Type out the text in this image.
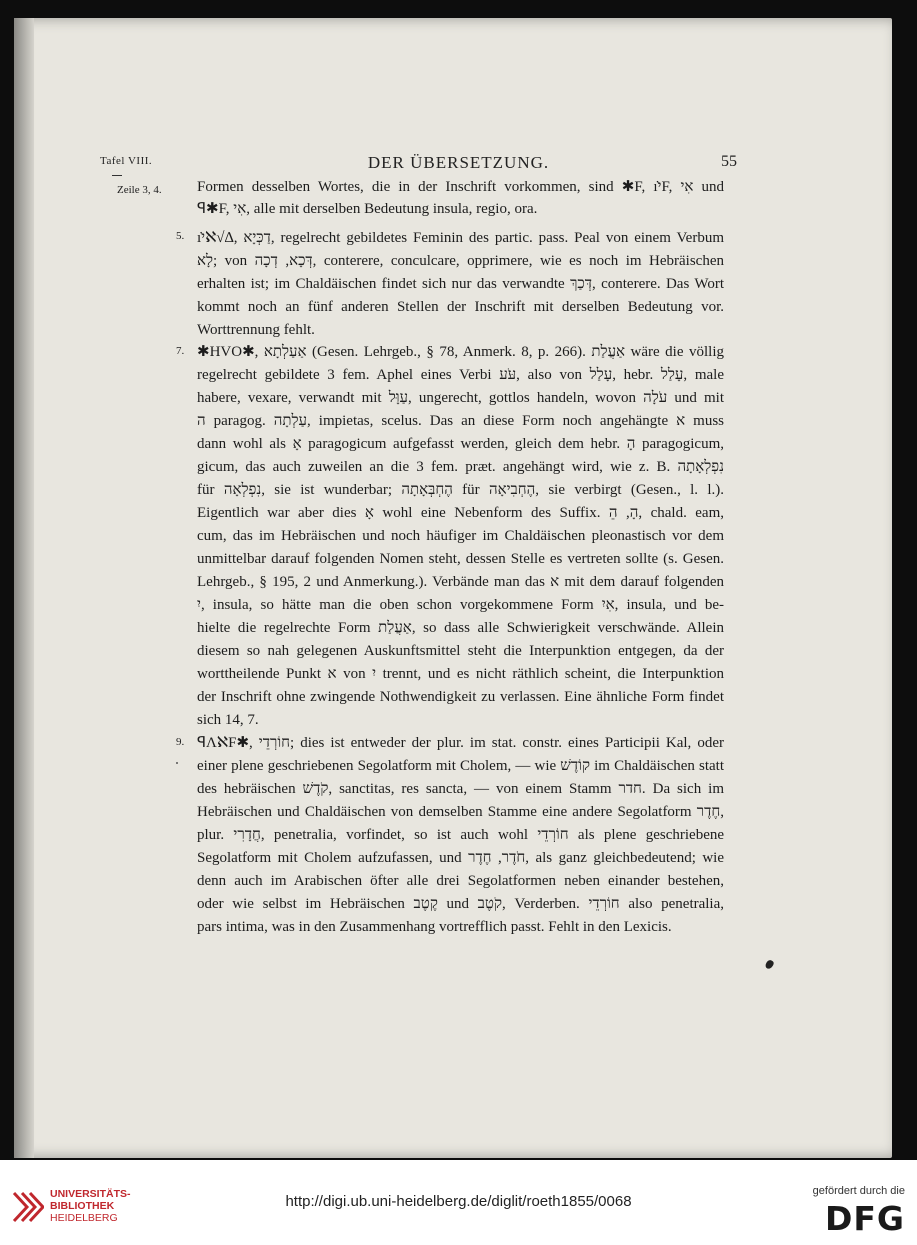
Tafel VIII.	DER ÜBERSETZUNG.	55
Zeile 3, 4.
5.
7.
9.
Formen desselben Wortes, die in der Inschrift vorkommen, sind ✱F, ıי̇F, אִי und
ꟼ✱F, אִי, alle mit derselben Bedeutung insula, regio, ora.
ıי̇ℵ√∆, דַכְּיָא, regelrecht gebildetes Feminin des partic. pass. Peal von einem Verbum
לָא; von דְּכָא, דְכָה, conterere, conculcare, opprimere, wie es noch im Hebräischen
erhalten ist; im Chaldäischen findet sich nur das verwandte דְּכַךְ, conterere. Das Wort
kommt noch an fünf anderen Stellen der Inschrift mit derselben Bedeutung vor.
Worttrennung fehlt.
✱ΗVO✱, אַעַלְתָא (Gesen. Lehrgeb., § 78, Anmerk. 8, p. 266). אַעֲלַת wäre die völlig
regelrecht gebildete 3 fem. Aphel eines Verbi עֹּע, also von עָלַל, hebr. עָלַל, male
habere, vexare, verwandt mit עַוָּל, ungerecht, gottlos handeln, wovon עֹלָה und mit
ה paragog. עַלְתָה, impietas, scelus. Das an diese Form noch angehängte א muss
dann wohl als אָ paragogicum aufgefasst werden, gleich dem hebr. הָ paragogicum,
gicum, das auch zuweilen an die 3 fem. præt. angehängt wird, wie z. B. נִפְלְאָתָה
für נִפְלְאָה, sie ist wunderbar; הֶחְבְּאָתָה für הֶחְבִיאָה, sie verbirgt (Gesen., l. l.).
Eigentlich war aber dies אָ wohl eine Nebenform des Suffix. הָ, הֵ, chald. eam,
cum, das im Hebräischen und noch häufiger im Chaldäischen pleonastisch vor dem
unmittelbar darauf folgenden Nomen steht, dessen Stelle es vertreten sollte (s. Gesen.
Lehrgeb., § 195, 2 und Anmerkung.). Verbände man das א mit dem darauf folgenden
יִ, insula, so hätte man die oben schon vorgekommene Form אִיִ, insula, und be-
hielte die regelrechte Form אַעֲלַת, so dass alle Schwierigkeit verschwände. Allein
diesem so nah gelegenen Auskunftsmittel steht die Interpunktion entgegen, da der
worttheilende Punkt א von יִ trennt, und es nicht räthlich scheint, die Interpunktion
der Inschrift ohne zwingende Nothwendigkeit zu verlassen. Eine ähnliche Form findet
sich 14, 7.
ꟼɅℵF✱, חוֹרְדֵי; dies ist entweder der plur. im stat. constr. eines Participii Kal, oder
einer plene geschriebenen Segolatform mit Cholem, — wie קוֹדֶשׁ im Chaldäischen statt
des hebräischen קֹדֶשׁ, sanctitas, res sancta, — von einem Stamm חדר. Da sich im
Hebräischen und Chaldäischen von demselben Stamme eine andere Segolatform חֶדֶר,
plur. חֲדָרִי, penetralia, vorfindet, so ist auch wohl חוֹרְדֵי als plene geschriebene
Segolatform mit Cholem aufzufassen, und חֹדֶר, חֶדֶר, als ganz gleichbedeutend; wie
denn auch im Arabischen öfter alle drei Segolatformen neben einander bestehen,
oder wie selbst im Hebräischen קֶטֶב und קֹטֶב, Verderben. חוֹרְדֵי also penetralia,
pars intima, was in den Zusammenhang vortrefflich passt. Fehlt in den Lexicis.
UNIVERSITÄTS-
BIBLIOTHEK
HEIDELBERG
http://digi.ub.uni-heidelberg.de/diglit/roeth1855/0068
gefördert durch die
DFG
